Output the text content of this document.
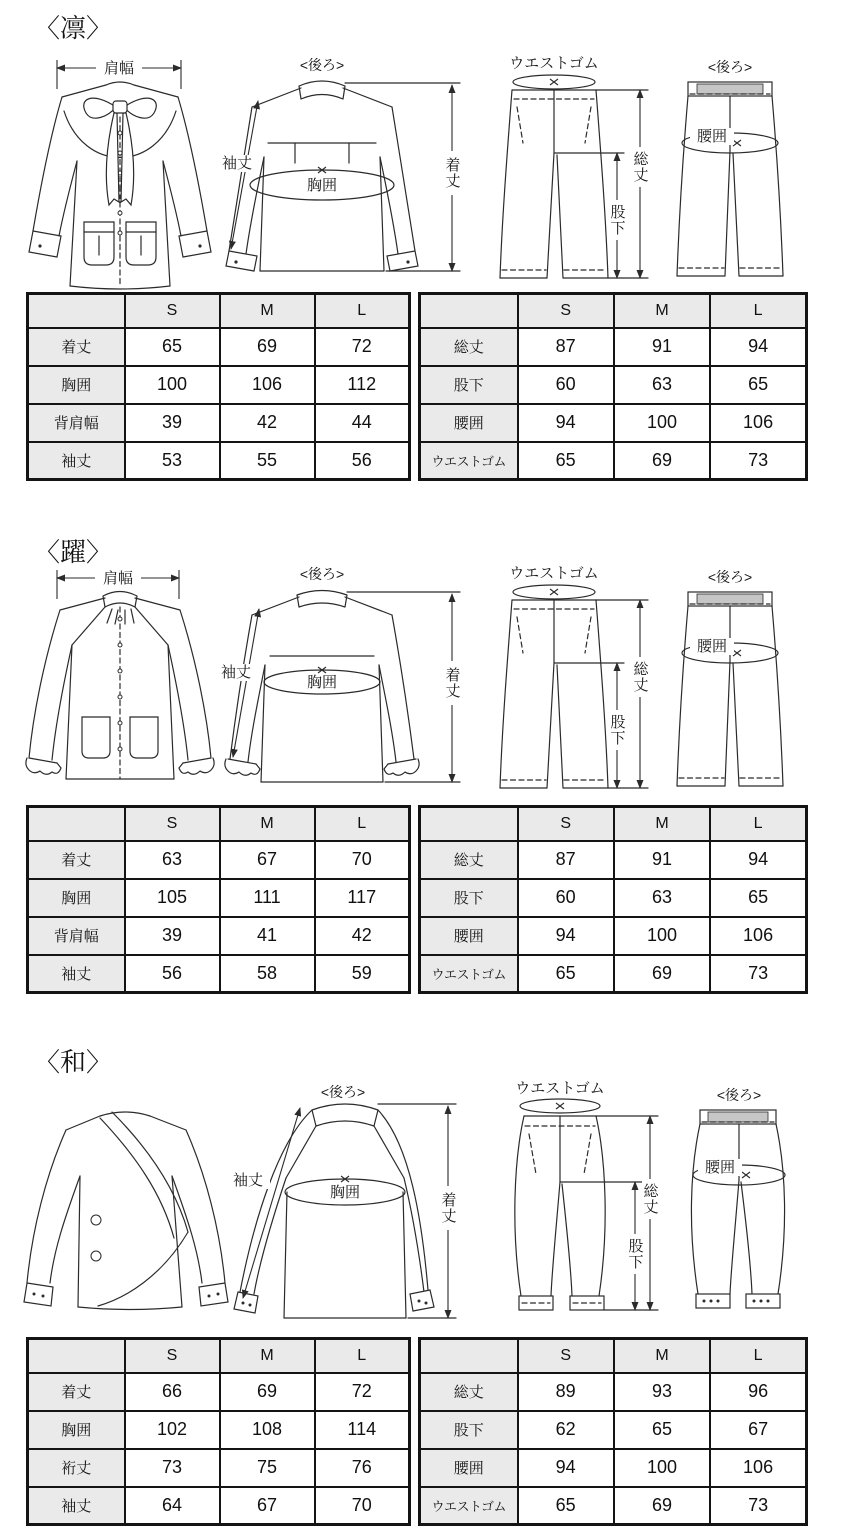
〈凛〉
肩幅	<後ろ>
袖丈
胸囲	着丈
ウエストゴム
股下
総丈
<後ろ>
腰囲
	S	M	L
着丈	65	69	72
胸囲	100	106	112
背肩幅	39	42	44
袖丈	53	55	56
	S	M	L
総丈	87	91	94
股下	60	63	65
腰囲	94	100	106
ウエストゴム	65	69	73
〈躍〉
肩幅	<後ろ>
袖丈
胸囲	着丈
ウエストゴム
股下
総丈
<後ろ>
腰囲
	S	M	L
着丈	63	67	70
胸囲	105	111	117
背肩幅	39	41	42
袖丈	56	58	59
	S	M	L
総丈	87	91	94
股下	60	63	65
腰囲	94	100	106
ウエストゴム	65	69	73
〈和〉
<後ろ>
袖丈
胸囲	着丈
ウエストゴム
股下
総丈
<後ろ>
腰囲
	S	M	L
着丈	66	69	72
胸囲	102	108	114
裄丈	73	75	76
袖丈	64	67	70
	S	M	L
総丈	89	93	96
股下	62	65	67
腰囲	94	100	106
ウエストゴム	65	69	73
